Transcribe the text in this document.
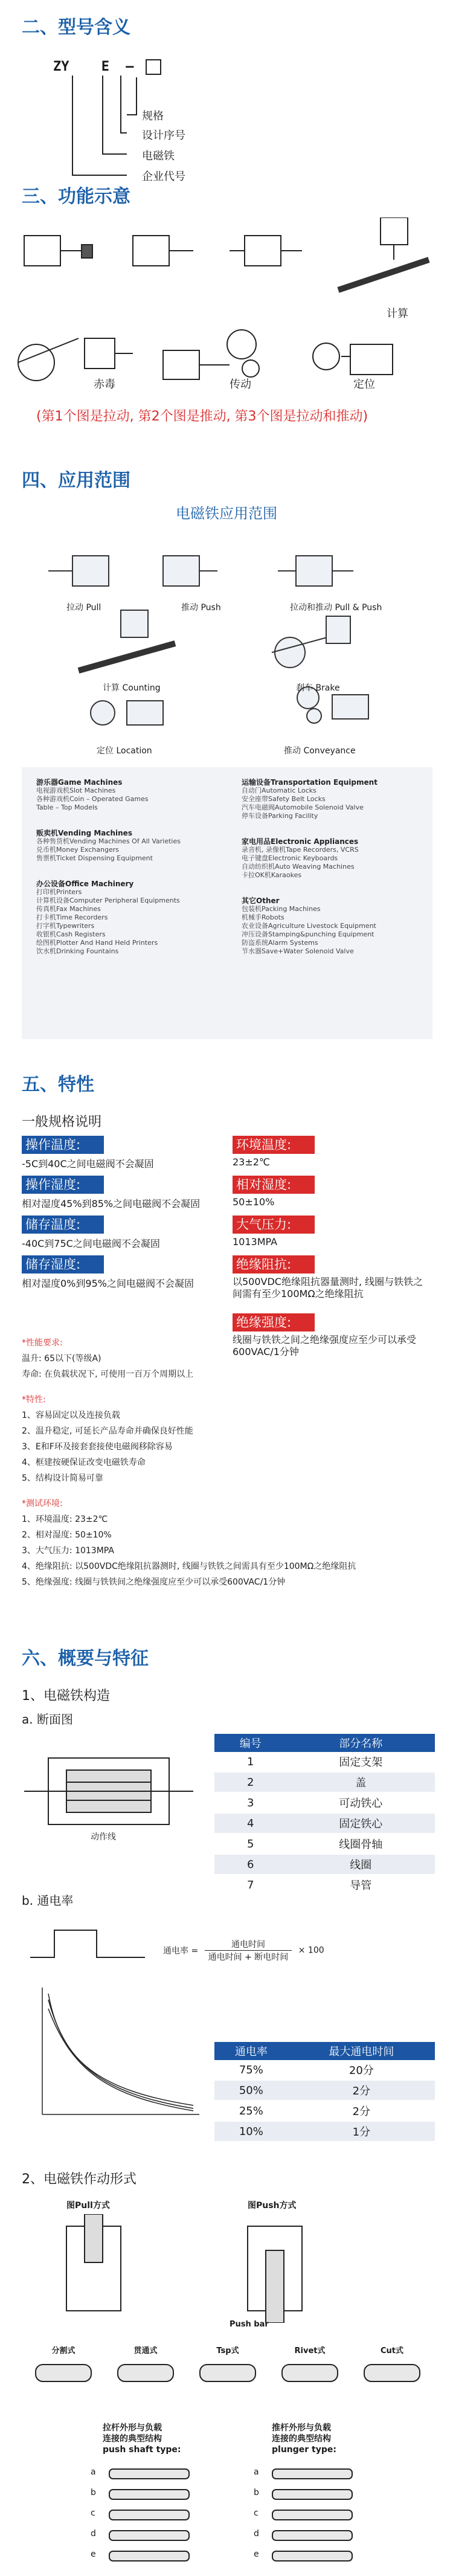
二、型号含义
ZY E –
规格
设计序号
电磁铁
企业代号
三、功能示意
计算
赤毒	传动	定位
(第1个图是拉动, 第2个图是推动, 第3个图是拉动和推动)
四、应用范围
电磁铁应用范围
拉动 Pull	推动 Push	拉动和推动 Pull & Push
计算 Counting	刹车 Brake
定位 Location	推动 Conveyance
游乐器Game Machines
电视游戏机Slot Machines
各种游戏机Coin – Operated Games
Table – Top Models
运输设备Transportation Equipment
自动门Automatic Locks
安全座带Safety Belt Locks
汽车电磁阀Automobile Solenoid Valve
停车设备Parking Facility
贩卖机Vending Machines
各种售货机Vending Machines Of All Varieties
兑币机Money Exchangers
售票机Ticket Dispensing Equipment
家电用品Electronic Appliances
录音机, 录像机Tape Recorders, VCRS
电子键盘Electronic Keyboards
自动纺织机Auto Weaving Machines
卡拉OK机Karaokes
办公设备Office Machinery
打印机Printers
计算机设备Computer Peripheral Equipments
传真机Fax Machines
打卡机Time Recorders
打字机Typewriters
收银机Cash Registers
绘图机Plotter And Hand Held Printers
饮水机Drinking Fountains
其它Other
包装机Packing Machines
机械手Robots
农业设备Agriculture Livestock Equipment
冲压设备Stamping&punching Equipment
防盗系统Alarm Systems
节水器Save+Water Solenoid Valve
五、特性
一般规格说明
操作温度:
-5C到40C之间电磁阀不会凝固
操作湿度:
相对湿度45%到85%之间电磁阀不会凝固
储存温度:
-40C到75C之间电磁阀不会凝固
储存湿度:
相对湿度0%到95%之间电磁阀不会凝固
环境温度:
23±2℃
相对湿度:
50±10%
大气压力:
1013MPA
绝缘阻抗:
以500VDC绝缘阻抗器量测时, 线圈与铁铁之间需有至少100MΩ之绝缘阻抗
绝缘强度:
线圈与铁铁之间之绝缘强度应至少可以承受600VAC/1分钟
*性能要求:
温升: 65以下(等级A)
寿命: 在负载状况下, 可使用一百万个周期以上
*特性:
1、容易固定以及连接负载
2、温升稳定, 可延长产品寿命并确保良好性能
3、E和F环及接套套接使电磁阀移除容易
4、框建按硬保证改变电磁铁寿命
5、结构设计简易可靠
*测试环境:
1、环境温度: 23±2℃
2、相对湿度: 50±10%
3、大气压力: 1013MPA
4、绝缘阻抗: 以500VDC绝缘阻抗器测时, 线圈与铁铁之间需具有至少100MΩ之绝缘阻抗
5、绝缘强度: 线圈与铁铁间之绝缘强度应至少可以承受600VAC/1分钟
六、概要与特征
1、电磁铁构造
a. 断面图
动作线
编号	部分名称
1	固定支架
2	盖
3	可动铁心
4	固定铁心
5	线圈骨轴
6	线圈
7	导管
b. 通电率
通电率 =
通电时间
通电时间 + 断电时间
× 100
通电率	最大通电时间
75%	20分
50%	2分
25%	2分
10%	1分
2、电磁铁作动形式
图Pull方式	图Push方式
Push bar
分割式	贯通式	Tsp式	Rivet式	Cut式
拉杆外形与负载
连接的典型结构
push shaft type:
推杆外形与负载
连接的典型结构
plunger type:
a	a
b	b
c	c
d	d
e	e
